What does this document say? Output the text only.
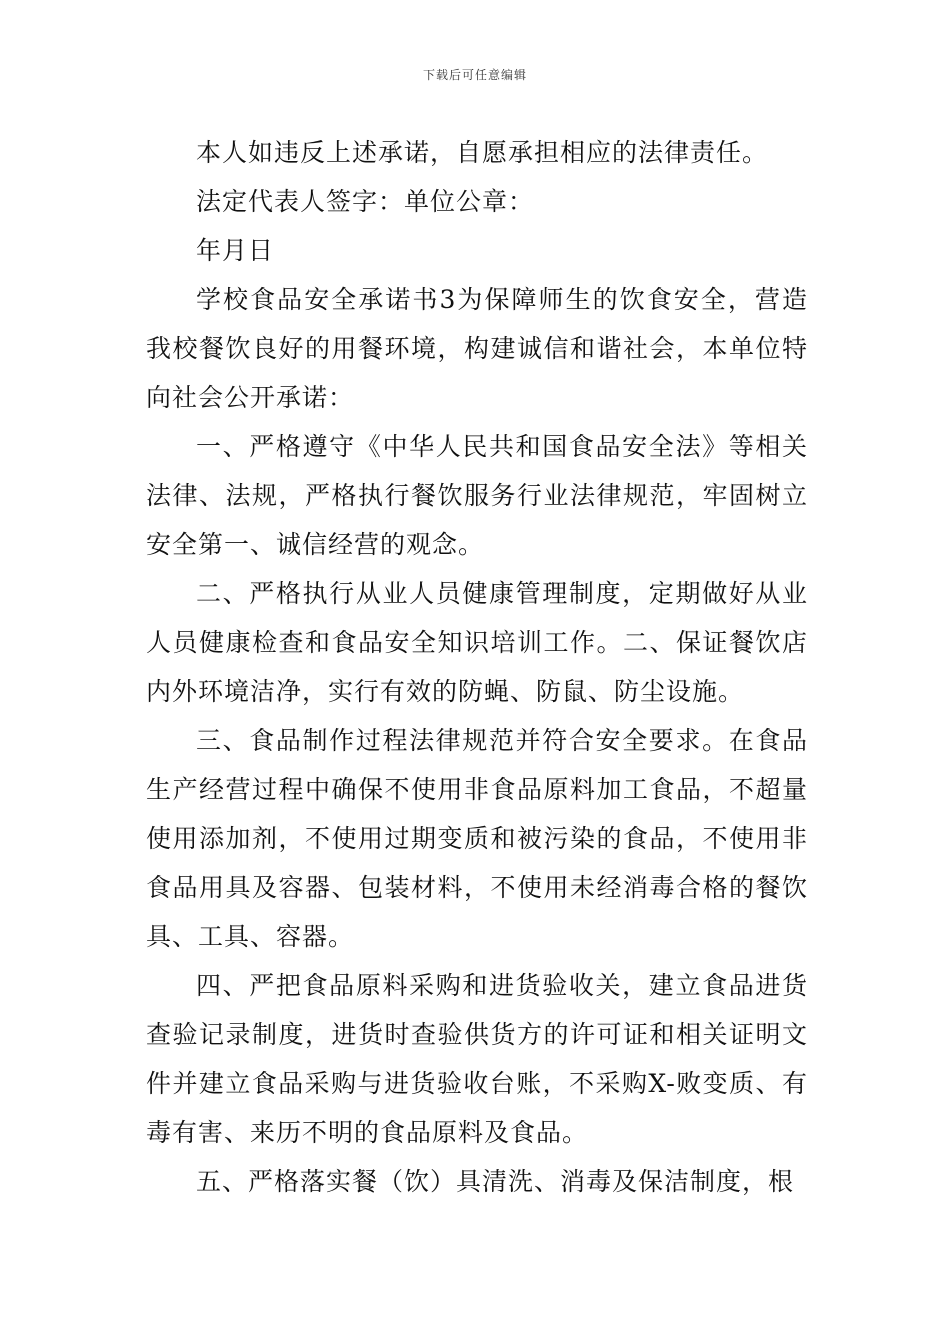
下载后可任意编辑

本人如违反上述承诺，自愿承担相应的法律责任。

法定代表人签字：单位公章：

年月日

学校食品安全承诺书3为保障师生的饮食安全，营造我校餐饮良好的用餐环境，构建诚信和谐社会，本单位特向社会公开承诺：

一、严格遵守《中华人民共和国食品安全法》等相关法律、法规，严格执行餐饮服务行业法律规范，牢固树立安全第一、诚信经营的观念。

二、严格执行从业人员健康管理制度，定期做好从业人员健康检查和食品安全知识培训工作。二、保证餐饮店内外环境洁净，实行有效的防蝇、防鼠、防尘设施。

三、食品制作过程法律规范并符合安全要求。在食品生产经营过程中确保不使用非食品原料加工食品，不超量使用添加剂，不使用过期变质和被污染的食品，不使用非食品用具及容器、包装材料，不使用未经消毒合格的餐饮具、工具、容器。

四、严把食品原料采购和进货验收关，建立食品进货查验记录制度，进货时查验供货方的许可证和相关证明文件并建立食品采购与进货验收台账，不采购X-败变质、有毒有害、来历不明的食品原料及食品。

五、严格落实餐（饮）具清洗、消毒及保洁制度，根
